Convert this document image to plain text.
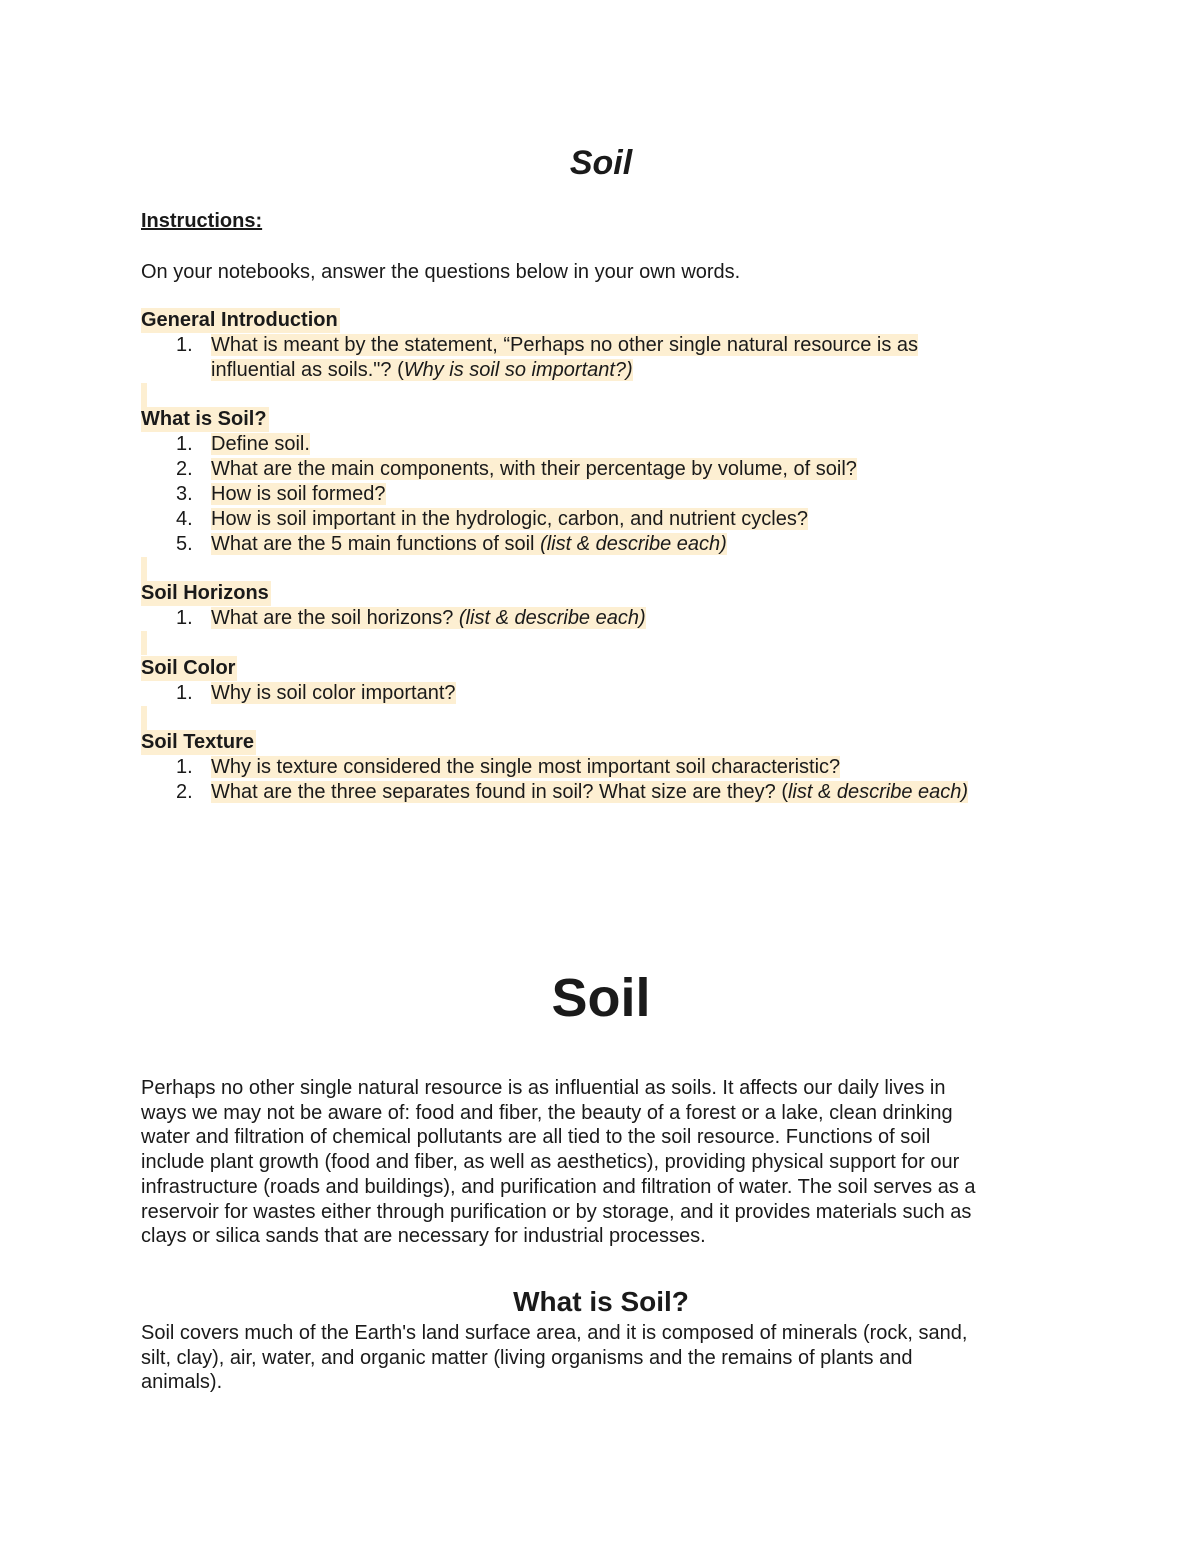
Soil
Instructions:
On your notebooks, answer the questions below in your own words.
General Introduction
1. What is meant by the statement, “Perhaps no other single natural resource is as
influential as soils."? (Why is soil so important?)
What is Soil?
1. Define soil.
2. What are the main components, with their percentage by volume, of soil?
3. How is soil formed?
4. How is soil important in the hydrologic, carbon, and nutrient cycles?
5. What are the 5 main functions of soil (list & describe each)
Soil Horizons
1. What are the soil horizons? (list & describe each)
Soil Color
1. Why is soil color important?
Soil Texture
1. Why is texture considered the single most important soil characteristic?
2. What are the three separates found in soil? What size are they? (list & describe each)
Soil
Perhaps no other single natural resource is as influential as soils. It affects our daily lives in
ways we may not be aware of: food and fiber, the beauty of a forest or a lake, clean drinking
water and filtration of chemical pollutants are all tied to the soil resource. Functions of soil
include plant growth (food and fiber, as well as aesthetics), providing physical support for our
infrastructure (roads and buildings), and purification and filtration of water. The soil serves as a
reservoir for wastes either through purification or by storage, and it provides materials such as
clays or silica sands that are necessary for industrial processes.
What is Soil?
Soil covers much of the Earth's land surface area, and it is composed of minerals (rock, sand,
silt, clay), air, water, and organic matter (living organisms and the remains of plants and
animals).
